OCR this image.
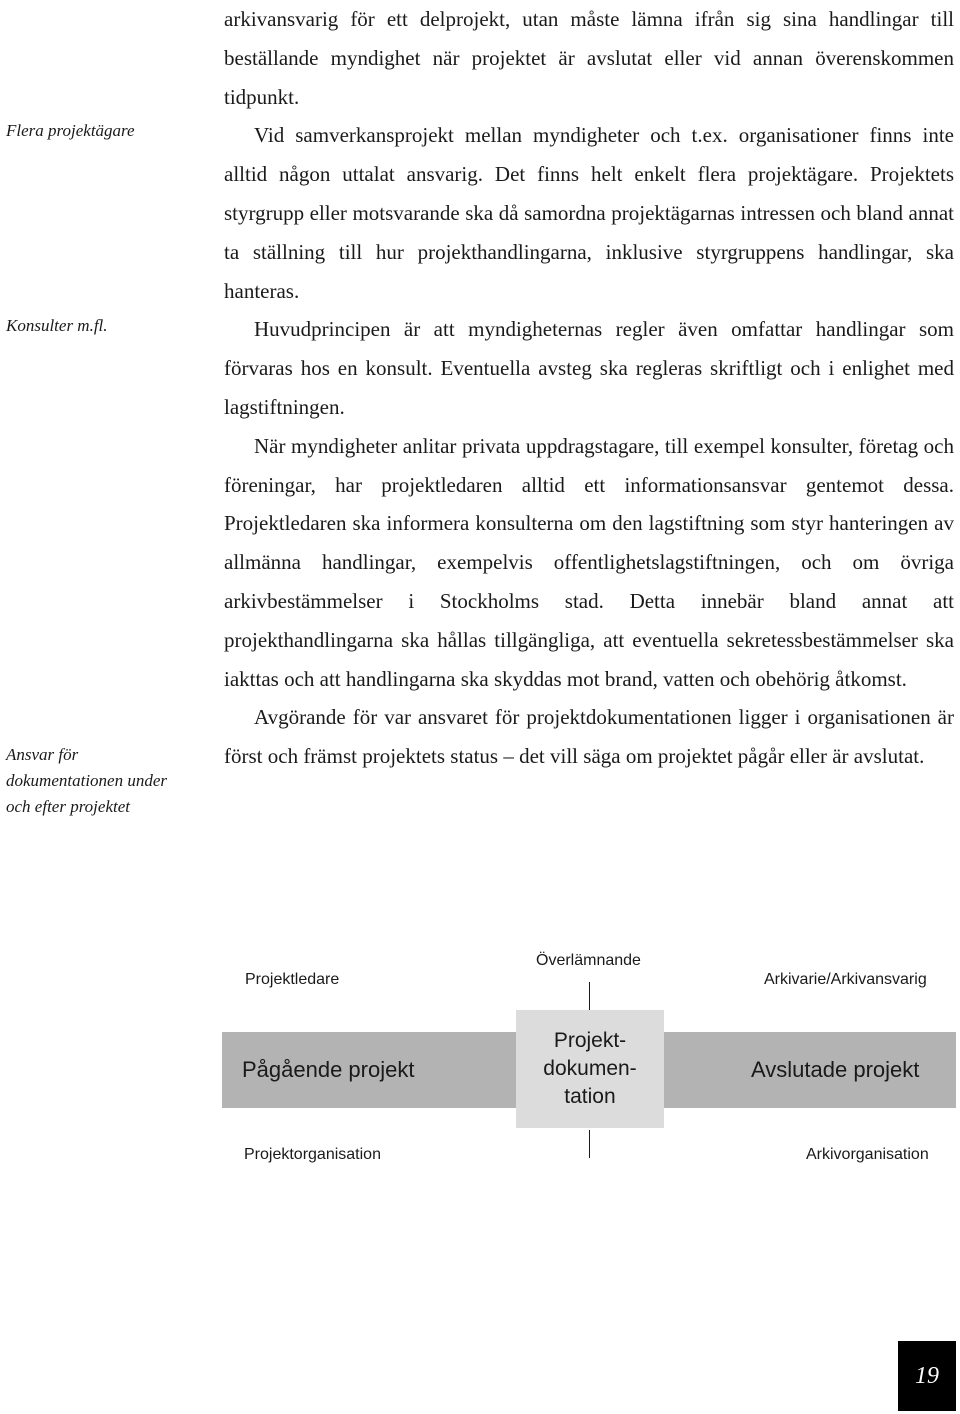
Flera projektägare
Konsulter m.fl.
Ansvar för
dokumentationen under
och efter projektet

arkivansvarig för ett delprojekt, utan måste lämna ifrån sig sina handlingar till beställande myndighet när projektet är avslutat eller vid annan överenskommen tidpunkt.

Vid samverkansprojekt mellan myndigheter och t.ex. organisationer finns inte alltid någon uttalat ansvarig. Det finns helt enkelt flera projektägare. Projektets styrgrupp eller motsvarande ska då samordna projektägarnas intressen och bland annat ta ställning till hur projekthandlingarna, inklusive styrgruppens handlingar, ska hanteras.

Huvudprincipen är att myndigheternas regler även omfattar handlingar som förvaras hos en konsult. Eventuella avsteg ska regleras skriftligt och i enlighet med lagstiftningen.

När myndigheter anlitar privata uppdragstagare, till exempel konsulter, företag och föreningar, har projektledaren alltid ett informationsansvar gentemot dessa. Projektledaren ska informera konsulterna om den lagstiftning som styr hanteringen av allmänna handlingar, exempelvis offentlighetslagstiftningen, och om övriga arkivbestämmelser i Stockholms stad. Detta innebär bland annat att projekthandlingarna ska hållas tillgängliga, att eventuella sekretessbestämmelser ska iakttas och att handlingarna ska skyddas mot brand, vatten och obehörig åtkomst.

Avgörande för var ansvaret för projektdokumentationen ligger i organisationen är först och främst projektets status – det vill säga om projektet pågår eller är avslutat.

Projektledare
Överlämnande
Arkivarie/Arkivansvarig
Pågående projekt	Avslutade projekt
Projekt-
dokumen-
tation
Projektorganisation	Arkivorganisation
19
